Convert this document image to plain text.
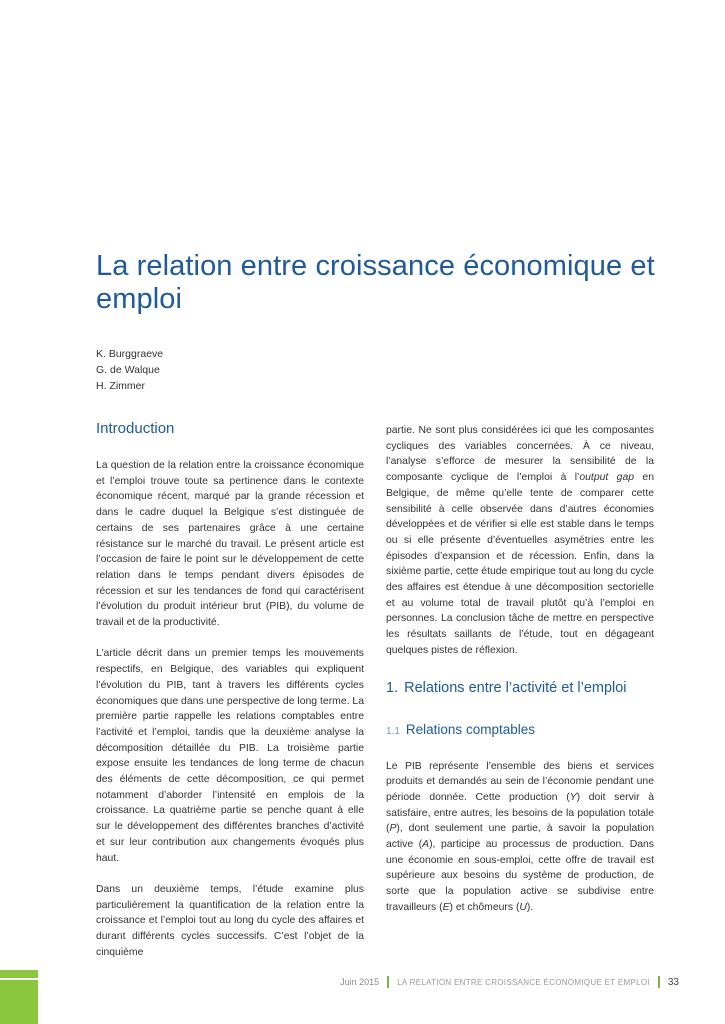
La relation entre croissance économique et emploi
K. Burggraeve
G. de Walque
H. Zimmer
Introduction

La question de la relation entre la croissance économique et l’emploi trouve toute sa pertinence dans le contexte économique récent, marqué par la grande récession et dans le cadre duquel la Belgique s’est distinguée de certains de ses partenaires grâce à une certaine résistance sur le marché du travail. Le présent article est l’occasion de faire le point sur le développement de cette relation dans le temps pendant divers épisodes de récession et sur les tendances de fond qui caractérisent l’évolution du produit intérieur brut (PIB), du volume de travail et de la productivité.

L’article décrit dans un premier temps les mouvements respectifs, en Belgique, des variables qui expliquent l’évolution du PIB, tant à travers les différents cycles économiques que dans une perspective de long terme. La première partie rappelle les relations comptables entre l’activité et l’emploi, tandis que la deuxième analyse la décomposition détaillée du PIB. La troisième partie expose ensuite les tendances de long terme de chacun des éléments de cette décomposition, ce qui permet notamment d’aborder l’intensité en emplois de la croissance. La quatrième partie se penche quant à elle sur le développement des différentes branches d’activité et sur leur contribution aux changements évoqués plus haut.

Dans un deuxième temps, l’étude examine plus particulièrement la quantification de la relation entre la croissance et l’emploi tout au long du cycle des affaires et durant différents cycles successifs. C’est l’objet de la cinquième

partie. Ne sont plus considérées ici que les composantes cycliques des variables concernées. À ce niveau, l’analyse s’efforce de mesurer la sensibilité de la composante cyclique de l’emploi à l’output gap en Belgique, de même qu’elle tente de comparer cette sensibilité à celle observée dans d’autres économies développées et de vérifier si elle est stable dans le temps ou si elle présente d’éventuelles asymétries entre les épisodes d’expansion et de récession. Enfin, dans la sixième partie, cette étude empirique tout au long du cycle des affaires est étendue à une décomposition sectorielle et au volume total de travail plutôt qu’à l’emploi en personnes. La conclusion tâche de mettre en perspective les résultats saillants de l’étude, tout en dégageant quelques pistes de réflexion.

1. Relations entre l’activité et l’emploi
1.1 Relations comptables

Le PIB représente l’ensemble des biens et services produits et demandés au sein de l’économie pendant une période donnée. Cette production (Y) doit servir à satisfaire, entre autres, les besoins de la population totale (P), dont seulement une partie, à savoir la population active (A), participe au processus de production. Dans une économie en sous-emploi, cette offre de travail est supérieure aux besoins du système de production, de sorte que la population active se subdivise entre travailleurs (E) et chômeurs (U).

Juin 2015 LA RELATION ENTRE CROISSANCE ÉCONOMIQUE ET EMPLOI 33
